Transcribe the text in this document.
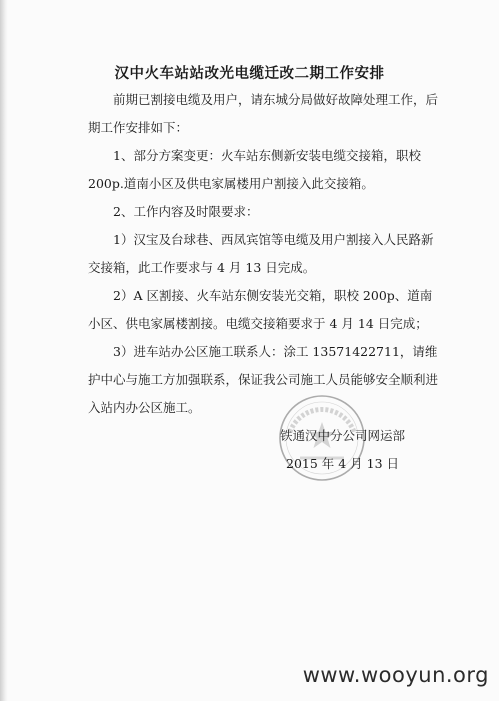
汉中火车站站改光电缆迁改二期工作安排

前期已割接电缆及用户，请东城分局做好故障处理工作，后期工作安排如下：

1、部分方案变更：火车站东侧新安装电缆交接箱，职校 200p.道南小区及供电家属楼用户割接入此交接箱。

2、工作内容及时限要求：

1）汉宝及台球巷、西凤宾馆等电缆及用户割接入人民路新交接箱，此工作要求与 4 月 13 日完成。

2）A 区割接、火车站东侧安装光交箱，职校 200p、道南小区、供电家属楼割接。电缆交接箱要求于 4 月 14 日完成；

3）进车站办公区施工联系人：涂工 13571422711，请维护中心与施工方加强联系，保证我公司施工人员能够安全顺利进入站内办公区施工。

铁通汉中分公司网运部
2015 年 4 月 13 日
www.wooyun.org
